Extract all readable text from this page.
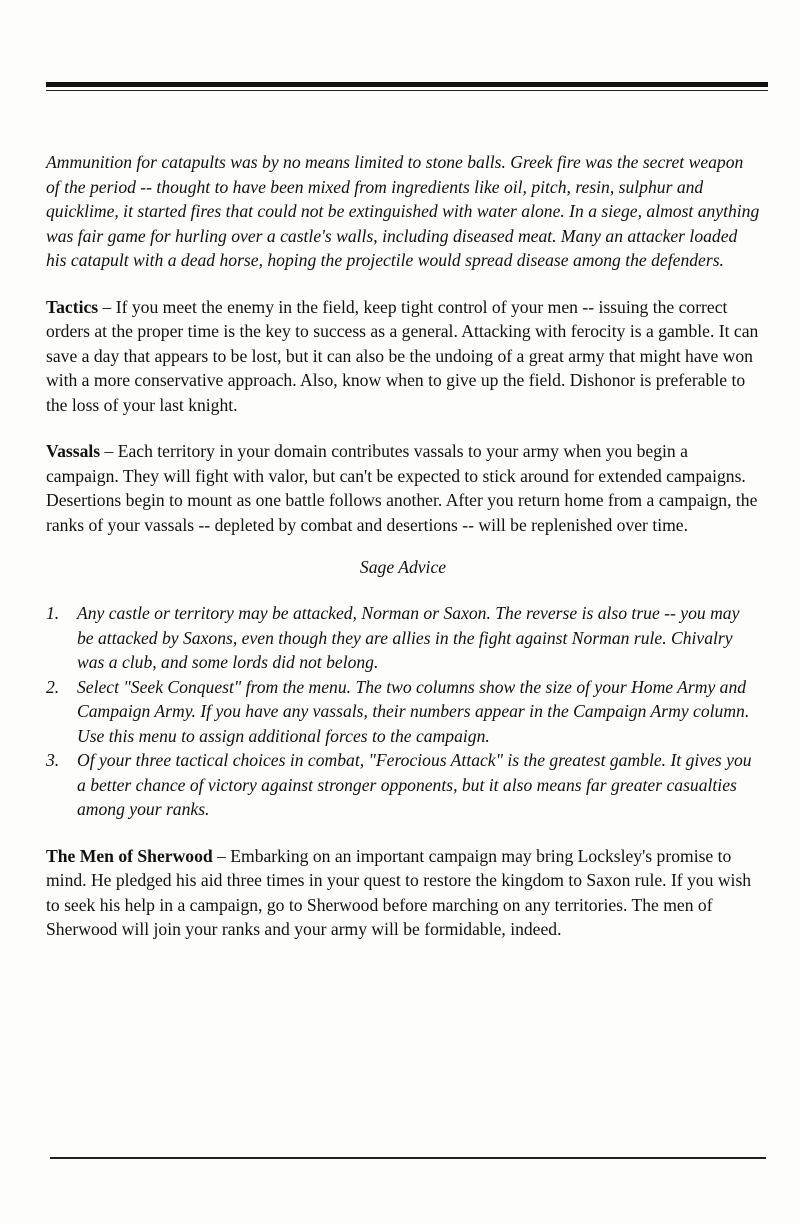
Ammunition for catapults was by no means limited to stone balls. Greek fire was the secret weapon of the period -- thought to have been mixed from ingredients like oil, pitch, resin, sulphur and quicklime, it started fires that could not be extinguished with water alone. In a siege, almost anything was fair game for hurling over a castle's walls, including diseased meat. Many an attacker loaded his catapult with a dead horse, hoping the projectile would spread disease among the defenders.

Tactics – If you meet the enemy in the field, keep tight control of your men -- issuing the correct orders at the proper time is the key to success as a general. Attacking with ferocity is a gamble. It can save a day that appears to be lost, but it can also be the undoing of a great army that might have won with a more conservative approach. Also, know when to give up the field. Dishonor is preferable to the loss of your last knight.

Vassals – Each territory in your domain contributes vassals to your army when you begin a campaign. They will fight with valor, but can't be expected to stick around for extended campaigns. Desertions begin to mount as one battle follows another. After you return home from a campaign, the ranks of your vassals -- depleted by combat and desertions -- will be replenished over time.

Sage Advice
1. Any castle or territory may be attacked, Norman or Saxon. The reverse is also true -- you may be attacked by Saxons, even though they are allies in the fight against Norman rule. Chivalry was a club, and some lords did not belong.
2. Select "Seek Conquest" from the menu. The two columns show the size of your Home Army and Campaign Army. If you have any vassals, their numbers appear in the Campaign Army column. Use this menu to assign additional forces to the campaign.
3. Of your three tactical choices in combat, "Ferocious Attack" is the greatest gamble. It gives you a better chance of victory against stronger opponents, but it also means far greater casualties among your ranks.

The Men of Sherwood – Embarking on an important campaign may bring Locksley's promise to mind. He pledged his aid three times in your quest to restore the kingdom to Saxon rule. If you wish to seek his help in a campaign, go to Sherwood before marching on any territories. The men of Sherwood will join your ranks and your army will be formidable, indeed.
